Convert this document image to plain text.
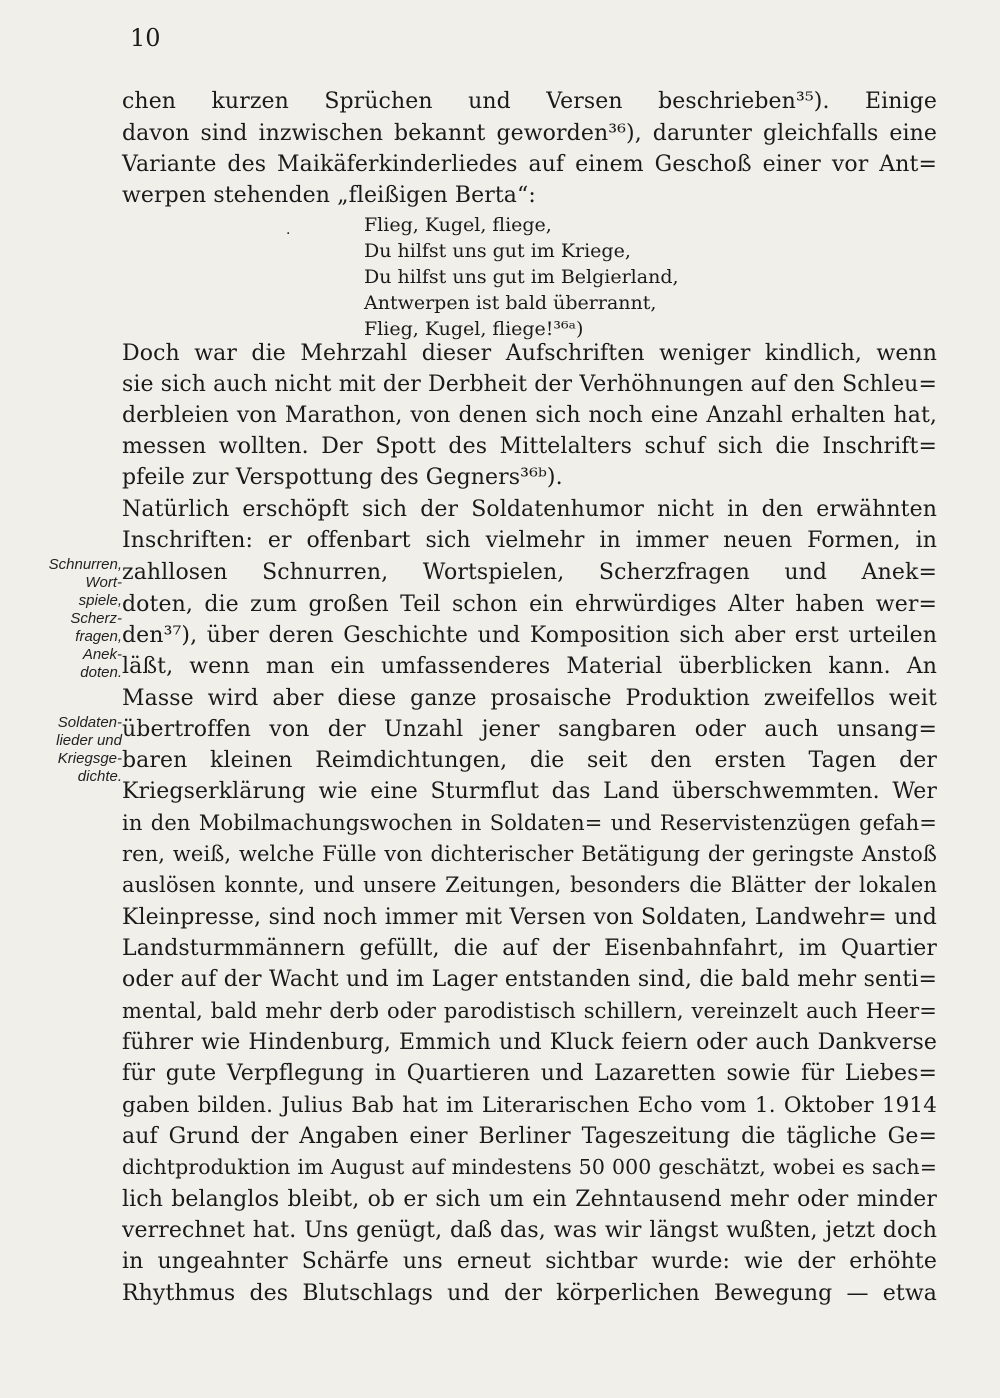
10
·
chen kurzen Sprüchen und Versen beschrieben³⁵). Einige
davon sind inzwischen bekannt geworden³⁶), darunter gleichfalls eine
Variante des Maikäferkinderliedes auf einem Geschoß einer vor Ant=
werpen stehenden „fleißigen Berta“:
Flieg, Kugel, fliege,
Du hilfst uns gut im Kriege,
Du hilfst uns gut im Belgierland,
Antwerpen ist bald überrannt,
Flieg, Kugel, fliege!³⁶ᵃ)
Doch war die Mehrzahl dieser Aufschriften weniger kindlich, wenn
sie sich auch nicht mit der Derbheit der Verhöhnungen auf den Schleu=
derbleien von Marathon, von denen sich noch eine Anzahl erhalten hat,
messen wollten. Der Spott des Mittelalters schuf sich die Inschrift=
pfeile zur Verspottung des Gegners³⁶ᵇ).
Natürlich erschöpft sich der Soldatenhumor nicht in den erwähnten
Inschriften: er offenbart sich vielmehr in immer neuen Formen, in
zahllosen Schnurren, Wortspielen, Scherzfragen und Anek=
doten, die zum großen Teil schon ein ehrwürdiges Alter haben wer=
den³⁷), über deren Geschichte und Komposition sich aber erst urteilen
läßt, wenn man ein umfassenderes Material überblicken kann. An
Masse wird aber diese ganze prosaische Produktion zweifellos weit
übertroffen von der Unzahl jener sangbaren oder auch unsang=
baren kleinen Reimdichtungen, die seit den ersten Tagen der
Kriegserklärung wie eine Sturmflut das Land überschwemmten. Wer
in den Mobilmachungswochen in Soldaten= und Reservistenzügen gefah=
ren, weiß, welche Fülle von dichterischer Betätigung der geringste Anstoß
auslösen konnte, und unsere Zeitungen, besonders die Blätter der lokalen
Kleinpresse, sind noch immer mit Versen von Soldaten, Landwehr= und
Landsturmmännern gefüllt, die auf der Eisenbahnfahrt, im Quartier
oder auf der Wacht und im Lager entstanden sind, die bald mehr senti=
mental, bald mehr derb oder parodistisch schillern, vereinzelt auch Heer=
führer wie Hindenburg, Emmich und Kluck feiern oder auch Dankverse
für gute Verpflegung in Quartieren und Lazaretten sowie für Liebes=
gaben bilden. Julius Bab hat im Literarischen Echo vom 1. Oktober 1914
auf Grund der Angaben einer Berliner Tageszeitung die tägliche Ge=
dichtproduktion im August auf mindestens 50 000 geschätzt, wobei es sach=
lich belanglos bleibt, ob er sich um ein Zehntausend mehr oder minder
verrechnet hat. Uns genügt, daß das, was wir längst wußten, jetzt doch
in ungeahnter Schärfe uns erneut sichtbar wurde: wie der erhöhte
Rhythmus des Blutschlags und der körperlichen Bewegung — etwa
Schnurren,
Wort-
spiele,
Scherz-
fragen,
Anek-
doten.
Soldaten-
lieder und
Kriegsge-
dichte.
